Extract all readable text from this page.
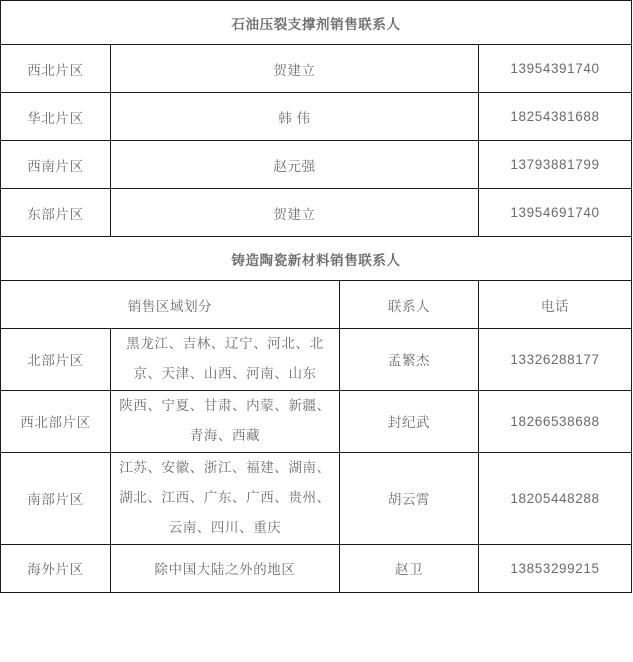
石油压裂支撑剂销售联系人			
西北片区	贺建立		13954391740
华北片区	韩 伟		18254381688
西南片区	赵元强		13793881799
东部片区	贺建立		13954691740
铸造陶瓷新材料销售联系人			
销售区域划分		联系人	电话
北部片区	黑龙江、吉林、辽宁、河北、北京、天津、山西、河南、山东	孟繁杰	13326288177
西北部片区	陕西、宁夏、甘肃、内蒙、新疆、青海、西藏	封纪武	18266538688
南部片区	江苏、安徽、浙江、福建、湖南、湖北、江西、广东、广西、贵州、云南、四川、重庆	胡云霄	18205448288
海外片区	除中国大陆之外的地区	赵卫	13853299215
